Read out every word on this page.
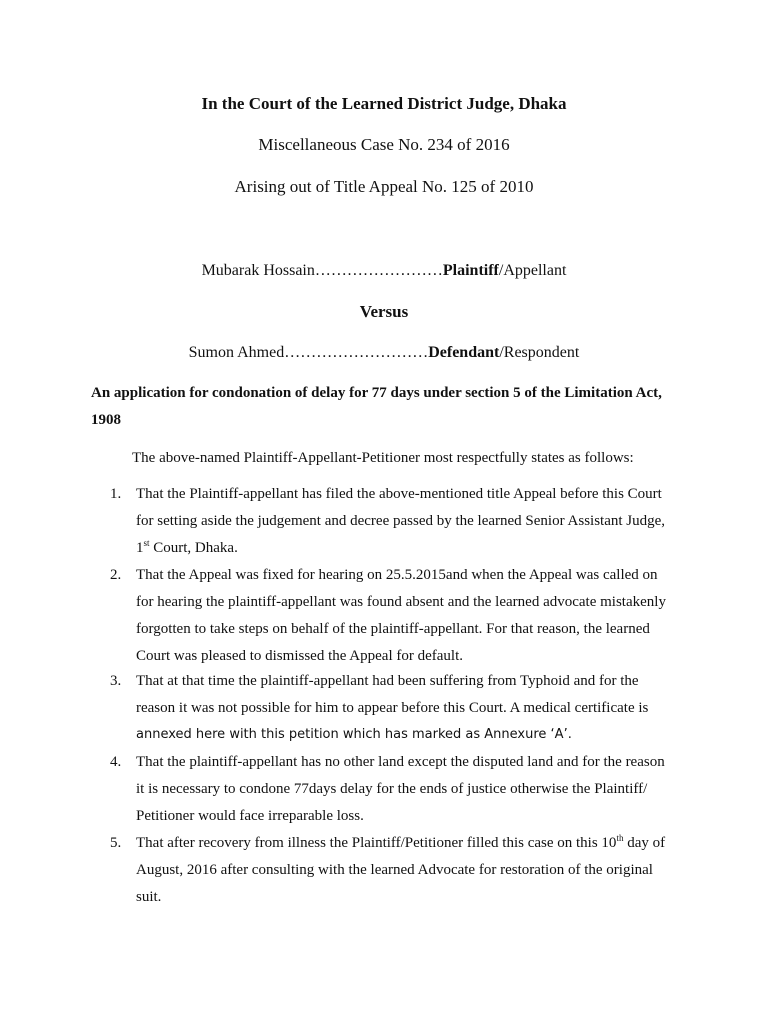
In the Court of the Learned District Judge, Dhaka
Miscellaneous Case No. 234 of 2016
Arising out of Title Appeal No. 125 of 2010
Mubarak Hossain……………………Plaintiff/Appellant
Versus
Sumon Ahmed………………………Defendant/Respondent
An application for condonation of delay for 77 days under section 5 of the Limitation Act, 1908
The above-named Plaintiff-Appellant-Petitioner most respectfully states as follows:
1. That the Plaintiff-appellant has filed the above-mentioned title Appeal before this Court
for setting aside the judgement and decree passed by the learned Senior Assistant Judge,
1st Court, Dhaka.
2. That the Appeal was fixed for hearing on 25.5.2015and when the Appeal was called on
for hearing the plaintiff-appellant was found absent and the learned advocate mistakenly
forgotten to take steps on behalf of the plaintiff-appellant. For that reason, the learned
Court was pleased to dismissed the Appeal for default.
3. That at that time the plaintiff-appellant had been suffering from Typhoid and for the
reason it was not possible for him to appear before this Court. A medical certificate is
annexed here with this petition which has marked as Annexure ‘A’.
4. That the plaintiff-appellant has no other land except the disputed land and for the reason
it is necessary to condone 77days delay for the ends of justice otherwise the Plaintiff/
Petitioner would face irreparable loss.
5. That after recovery from illness the Plaintiff/Petitioner filled this case on this 10th day of
August, 2016 after consulting with the learned Advocate for restoration of the original
suit.
